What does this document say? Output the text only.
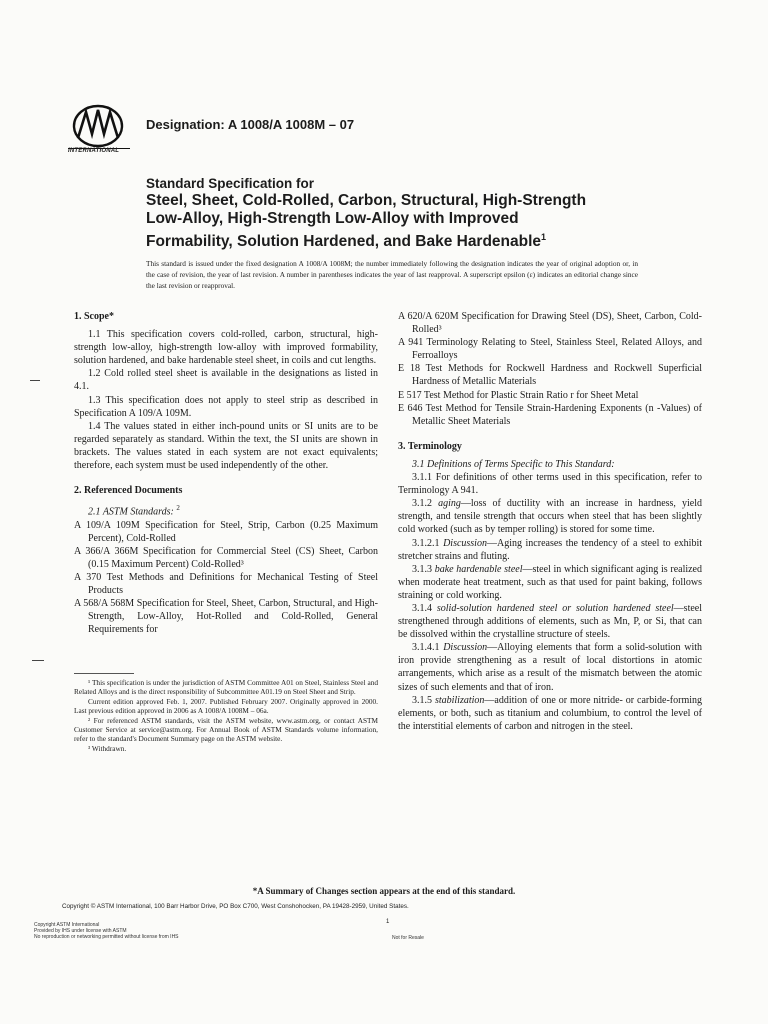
INTERNATIONAL
Designation: A 1008/A 1008M – 07
Standard Specification for
Steel, Sheet, Cold-Rolled, Carbon, Structural, High-Strength
Low-Alloy, High-Strength Low-Alloy with Improved
Formability, Solution Hardened, and Bake Hardenable$^1$
This standard is issued under the fixed designation A 1008/A 1008M; the number immediately following the designation indicates the year of original adoption or, in the case of revision, the year of last revision. A number in parentheses indicates the year of last reapproval. A superscript epsilon (ε) indicates an editorial change since the last revision or reapproval.

1. Scope*

1.1 This specification covers cold-rolled, carbon, structural, high-strength low-alloy, high-strength low-alloy with improved formability, solution hardened, and bake hardenable steel sheet, in coils and cut lengths.

1.2 Cold rolled steel sheet is available in the designations as listed in 4.1.

1.3 This specification does not apply to steel strip as described in Specification A 109/A 109M.

1.4 The values stated in either inch-pound units or SI units are to be regarded separately as standard. Within the text, the SI units are shown in brackets. The values stated in each system are not exact equivalents; therefore, each system must be used independently of the other.

2. Referenced Documents

2.1 ASTM Standards: $^2$

A 109/A 109M Specification for Steel, Strip, Carbon (0.25 Maximum Percent), Cold-Rolled

A 366/A 366M Specification for Commercial Steel (CS) Sheet, Carbon (0.15 Maximum Percent) Cold-Rolled³

A 370 Test Methods and Definitions for Mechanical Testing of Steel Products

A 568/A 568M Specification for Steel, Sheet, Carbon, Structural, and High-Strength, Low-Alloy, Hot-Rolled and Cold-Rolled, General Requirements for

¹ This specification is under the jurisdiction of ASTM Committee A01 on Steel, Stainless Steel and Related Alloys and is the direct responsibility of Subcommittee A01.19 on Steel Sheet and Strip.

Current edition approved Feb. 1, 2007. Published February 2007. Originally approved in 2000. Last previous edition approved in 2006 as A 1008/A 1008M – 06a.

² For referenced ASTM standards, visit the ASTM website, www.astm.org, or contact ASTM Customer Service at service@astm.org. For Annual Book of ASTM Standards volume information, refer to the standard's Document Summary page on the ASTM website.

³ Withdrawn.

A 620/A 620M Specification for Drawing Steel (DS), Sheet, Carbon, Cold-Rolled³

A 941 Terminology Relating to Steel, Stainless Steel, Related Alloys, and Ferroalloys

E 18 Test Methods for Rockwell Hardness and Rockwell Superficial Hardness of Metallic Materials

E 517 Test Method for Plastic Strain Ratio r for Sheet Metal

E 646 Test Method for Tensile Strain-Hardening Exponents (n -Values) of Metallic Sheet Materials

3. Terminology

3.1 Definitions of Terms Specific to This Standard:

3.1.1 For definitions of other terms used in this specification, refer to Terminology A 941.

3.1.2 aging—loss of ductility with an increase in hardness, yield strength, and tensile strength that occurs when steel that has been slightly cold worked (such as by temper rolling) is stored for some time.

3.1.2.1 Discussion—Aging increases the tendency of a steel to exhibit stretcher strains and fluting.

3.1.3 bake hardenable steel—steel in which significant aging is realized when moderate heat treatment, such as that used for paint baking, follows straining or cold working.

3.1.4 solid-solution hardened steel or solution hardened steel—steel strengthened through additions of elements, such as Mn, P, or Si, that can be dissolved within the crystalline structure of steels.

3.1.4.1 Discussion—Alloying elements that form a solid-solution with iron provide strengthening as a result of local distortions in atomic arrangements, which arise as a result of the mismatch between the atomic sizes of such elements and that of iron.

3.1.5 stabilization—addition of one or more nitride- or carbide-forming elements, or both, such as titanium and columbium, to control the level of the interstitial elements of carbon and nitrogen in the steel.

*A Summary of Changes section appears at the end of this standard.
Copyright © ASTM International, 100 Barr Harbor Drive, PO Box C700, West Conshohocken, PA 19428-2959, United States.
Copyright ASTM International
Provided by IHS under license with ASTM
No reproduction or networking permitted without license from IHS
1
Not for Resale
